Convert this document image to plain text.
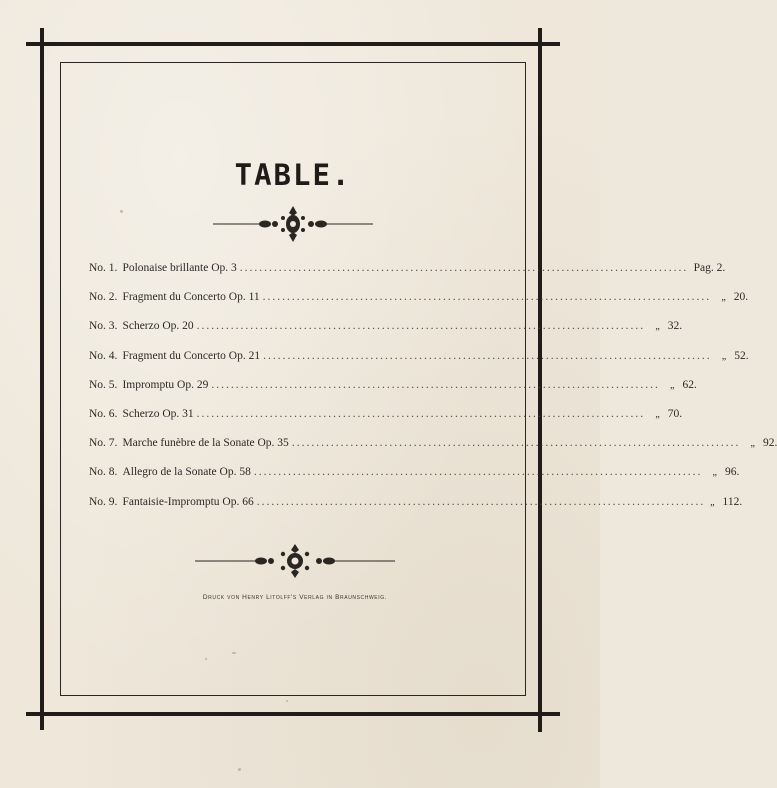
TABLE.
No. 1. Polonaise brillante Op. 3 ............................................................................................ Pag. 2.
No. 2. Fragment du Concerto Op. 11 ............................................................................................	„ 20.
No. 3. Scherzo Op. 20 ............................................................................................	„ 32.
No. 4. Fragment du Concerto Op. 21 ............................................................................................	„ 52.
No. 5. Impromptu Op. 29 ............................................................................................	„ 62.
No. 6. Scherzo Op. 31 ............................................................................................	„ 70.
No. 7. Marche funèbre de la Sonate Op. 35 ............................................................................................	„ 92.
No. 8. Allegro de la Sonate Op. 58 ............................................................................................	„ 96.
No. 9. Fantaisie-Impromptu Op. 66 ............................................................................................ „ 112.
Druck von Henry Litolff's Verlag in Braunschweig.
